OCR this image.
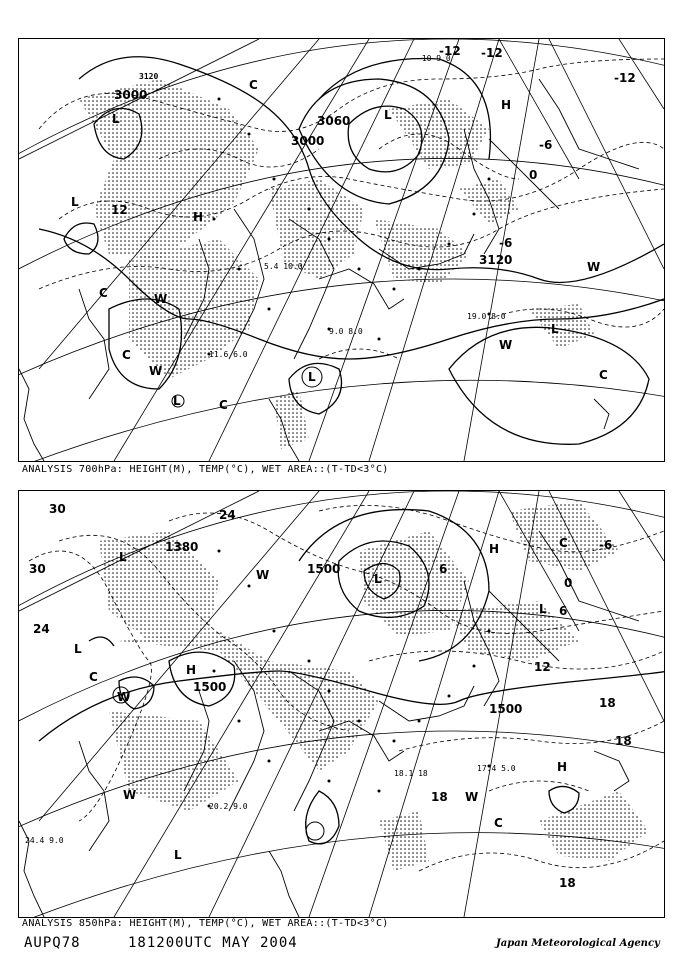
3000
3120
3000
3060
3120
-12 -12
-12
-6
-6
0
12
L
L
L
L
H
H
W
W
W
W
C
C
C
C
C
L
L
-10 9.0
5.4 10.0
9.0 8.0
11.6 6.0
19.0 8.0
ANALYSIS 700hPa: HEIGHT(M), TEMP(°C), WET AREA::(T-TD<3°C)
1380
1500
1500
1500
30
30
24
24
18
18
18
18
12
6
6
0
-6
L
L
L
L
L
H
H
H
W
W
W
W
C
C
C
20.2 9.0
17.4 5.0
18.1 18
24.4 9.0
ANALYSIS 850hPa: HEIGHT(M), TEMP(°C), WET AREA::(T-TD<3°C)
AUPQ78	181200UTC MAY 2004	Japan Meteorological Agency
